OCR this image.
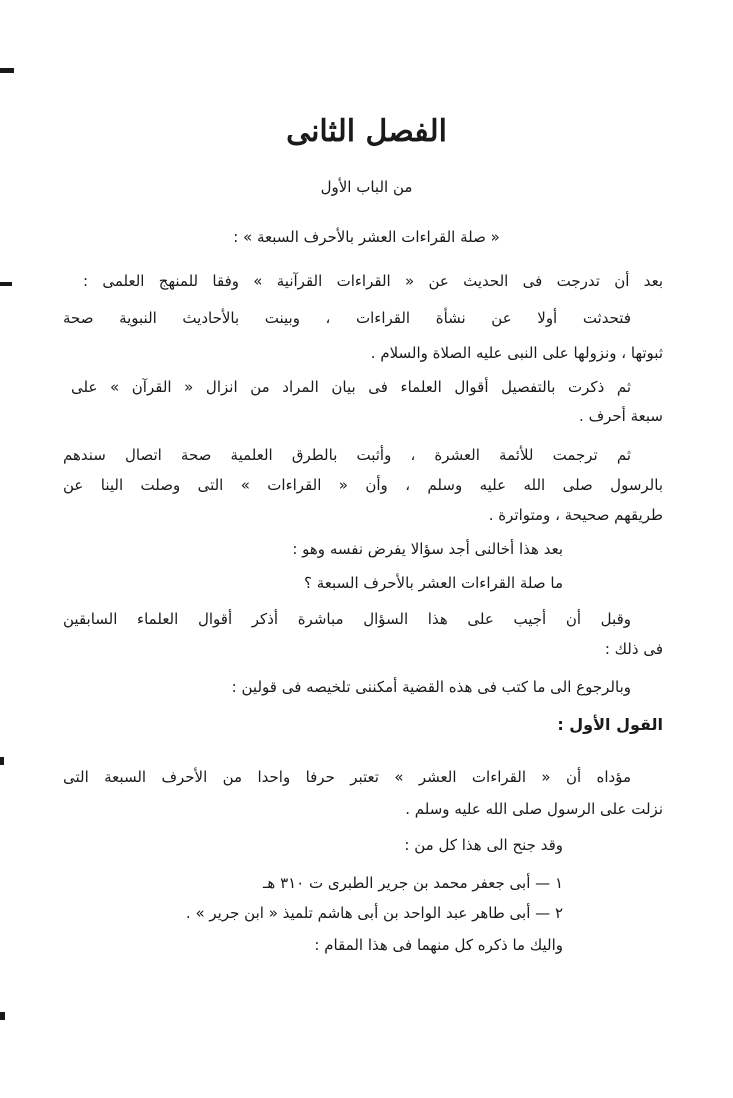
الفصل الثانى
من الباب الأول
« صلة القراءات العشر بالأحرف السبعة » :
بعد أن تدرجت فى الحديث عن « القراءات القرآنية » وفقا للمنهج العلمى :
فتحدثت أولا عن نشأة القراءات ، وبينت بالأحاديث النبوية صحة
ثبوتها ، ونزولها على النبى عليه الصلاة والسلام .
ثم ذكرت بالتفصيل أقوال العلماء فى بيان المراد من انزال « القرآن » على
سبعة أحرف .
ثم ترجمت للأئمة العشرة ، وأثبت بالطرق العلمية صحة اتصال سندهم
بالرسول صلى الله عليه وسلم ، وأن « القراءات » التى وصلت الينا عن
طريقهم صحيحة ، ومتواترة .
بعد هذا أخالنى أجد سؤالا يفرض نفسه وهو :
ما صلة القراءات العشر بالأحرف السبعة ؟
وقبل أن أجيب على هذا السؤال مباشرة أذكر أقوال العلماء السابقين
فى ذلك :
وبالرجوع الى ما كتب فى هذه القضية أمكننى تلخيصه فى قولين :
القول الأول :
مؤداه أن « القراءات العشر » تعتبر حرفا واحدا من الأحرف السبعة التى
نزلت على الرسول صلى الله عليه وسلم .
وقد جنح الى هذا كل من :
١ — أبى جعفر محمد بن جرير الطبرى ت ٣١٠ هـ
٢ — أبى طاهر عبد الواحد بن أبى هاشم تلميذ « ابن جرير » .
واليك ما ذكره كل منهما فى هذا المقام :
